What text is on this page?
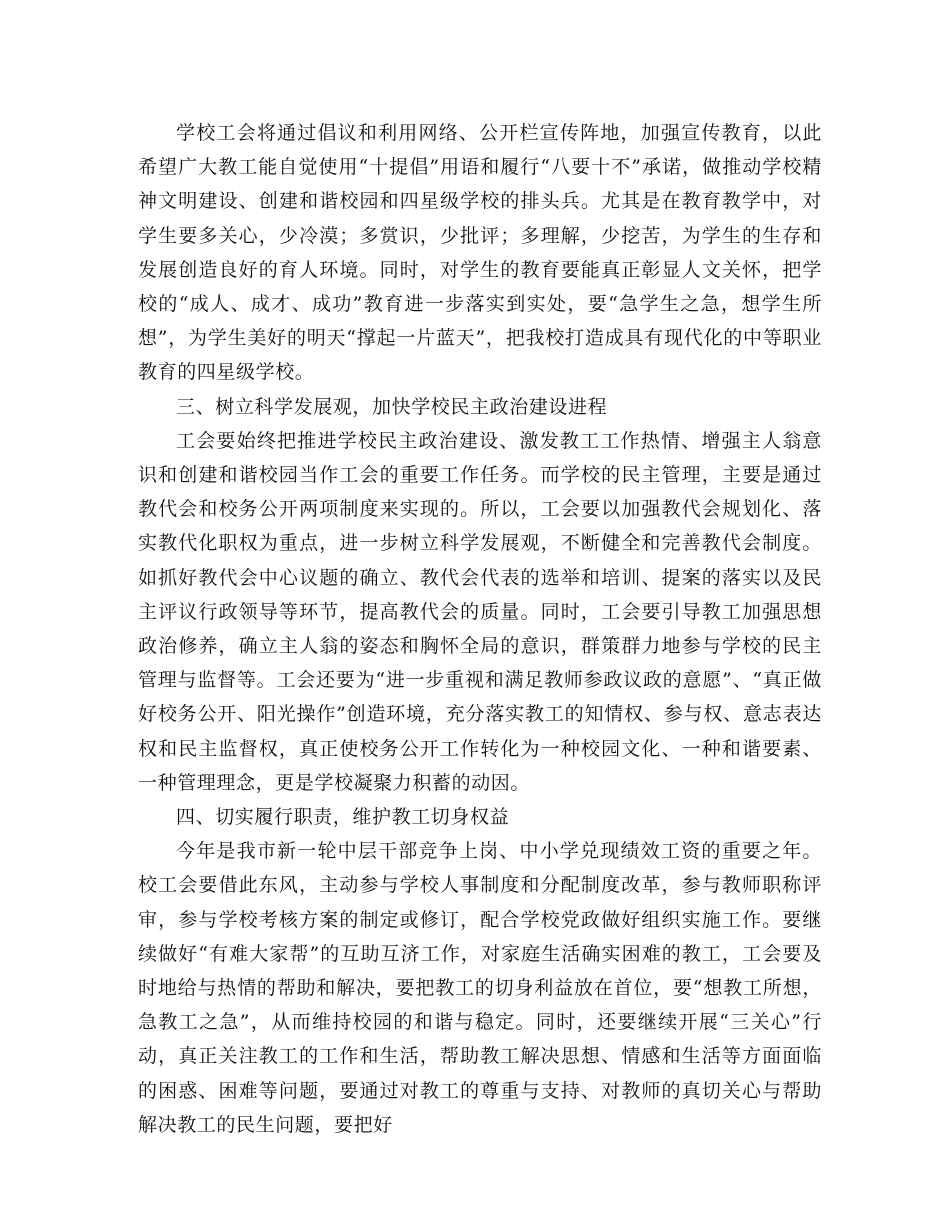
学校工会将通过倡议和利用网络、公开栏宣传阵地，加强宣传教育，以此希望广大教工能自觉使用“十提倡”用语和履行“八要十不”承诺，做推动学校精神文明建设、创建和谐校园和四星级学校的排头兵。尤其是在教育教学中，对学生要多关心，少冷漠；多赏识，少批评；多理解，少挖苦，为学生的生存和发展创造良好的育人环境。同时，对学生的教育要能真正彰显人文关怀，把学校的“成人、成才、成功”教育进一步落实到实处，要“急学生之急，想学生所想”，为学生美好的明天“撑起一片蓝天”，把我校打造成具有现代化的中等职业教育的四星级学校。

三、树立科学发展观，加快学校民主政治建设进程

工会要始终把推进学校民主政治建设、激发教工工作热情、增强主人翁意识和创建和谐校园当作工会的重要工作任务。而学校的民主管理，主要是通过教代会和校务公开两项制度来实现的。所以，工会要以加强教代会规划化、落实教代化职权为重点，进一步树立科学发展观，不断健全和完善教代会制度。如抓好教代会中心议题的确立、教代会代表的选举和培训、提案的落实以及民主评议行政领导等环节，提高教代会的质量。同时，工会要引导教工加强思想政治修养，确立主人翁的姿态和胸怀全局的意识，群策群力地参与学校的民主管理与监督等。工会还要为“进一步重视和满足教师参政议政的意愿”、“真正做好校务公开、阳光操作”创造环境，充分落实教工的知情权、参与权、意志表达权和民主监督权，真正使校务公开工作转化为一种校园文化、一种和谐要素、一种管理理念，更是学校凝聚力积蓄的动因。

四、切实履行职责，维护教工切身权益

今年是我市新一轮中层干部竞争上岗、中小学兑现绩效工资的重要之年。校工会要借此东风，主动参与学校人事制度和分配制度改革，参与教师职称评审，参与学校考核方案的制定或修订，配合学校党政做好组织实施工作。要继续做好“有难大家帮”的互助互济工作，对家庭生活确实困难的教工，工会要及时地给与热情的帮助和解决，要把教工的切身利益放在首位，要“想教工所想，急教工之急”，从而维持校园的和谐与稳定。同时，还要继续开展“三关心”行动，真正关注教工的工作和生活，帮助教工解决思想、情感和生活等方面面临的困惑、困难等问题，要通过对教工的尊重与支持、对教师的真切关心与帮助解决教工的民生问题，要把好
